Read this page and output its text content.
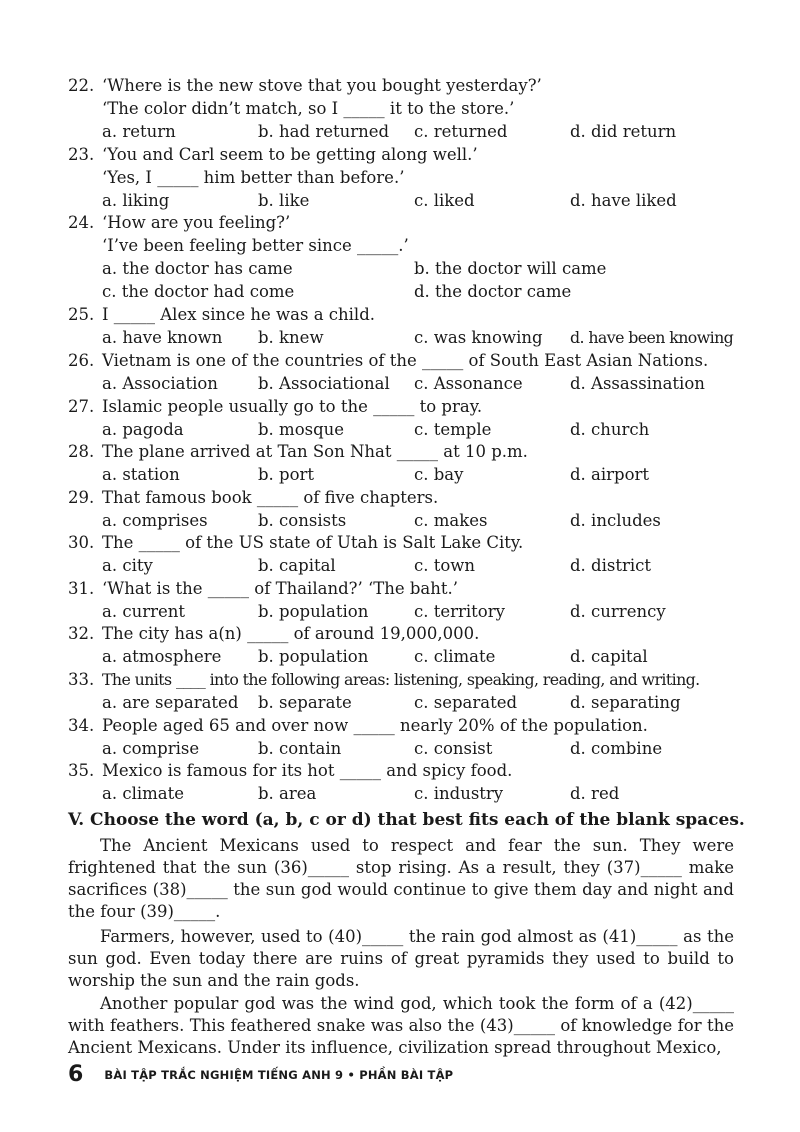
22. ‘Where is the new stove that you bought yesterday?’
‘The color didn’t match, so I _____ it to the store.’
a. return	b. had returned c. returned	d. did return
23. ‘You and Carl seem to be getting along well.’
‘Yes, I _____ him better than before.’
a. liking	b. like	c. liked	d. have liked
24. ‘How are you feeling?’
‘I’ve been feeling better since _____.’
a. the doctor has came	b. the doctor will came
c. the doctor had come	d. the doctor came
25. I _____ Alex since he was a child.
a. have known b. knew	c. was knowing d. have been knowing
26. Vietnam is one of the countries of the _____ of South East Asian Nations.
a. Association b. Associational c. Assonance	d. Assassination
27. Islamic people usually go to the _____ to pray.
a. pagoda	b. mosque	c. temple	d. church
28. The plane arrived at Tan Son Nhat _____ at 10 p.m.
a. station	b. port	c. bay	d. airport
29. That famous book _____ of five chapters.
a. comprises	b. consists	c. makes	d. includes
30. The _____ of the US state of Utah is Salt Lake City.
a. city	b. capital	c. town	d. district
31. ‘What is the _____ of Thailand?’ ‘The baht.’
a. current	b. population	c. territory	d. currency
32. The city has a(n) _____ of around 19,000,000.
a. atmosphere b. population	c. climate	d. capital
33. The units ____ into the following areas: listening, speaking, reading, and writing.
a. are separated b. separate	c. separated	d. separating
34. People aged 65 and over now _____ nearly 20% of the population.
a. comprise	b. contain	c. consist	d. combine
35. Mexico is famous for its hot _____ and spicy food.
a. climate	b. area	c. industry	d. red
V. Choose the word (a, b, c or d) that best fits each of the blank spaces.
The Ancient Mexicans used to respect and fear the sun. They were frightened that the sun (36)_____ stop rising. As a result, they (37)_____ make sacrifices (38)_____ the sun god would continue to give them day and night and the four (39)_____.
Farmers, however, used to (40)_____ the rain god almost as (41)_____ as the sun god. Even today there are ruins of great pyramids they used to build to worship the sun and the rain gods.
Another popular god was the wind god, which took the form of a (42)_____ with feathers. This feathered snake was also the (43)_____ of knowledge for the Ancient Mexicans. Under its influence, civilization spread throughout Mexico,
6 BÀI TẬP TRẮC NGHIỆM TIẾNG ANH 9 • PHẦN BÀI TẬP
